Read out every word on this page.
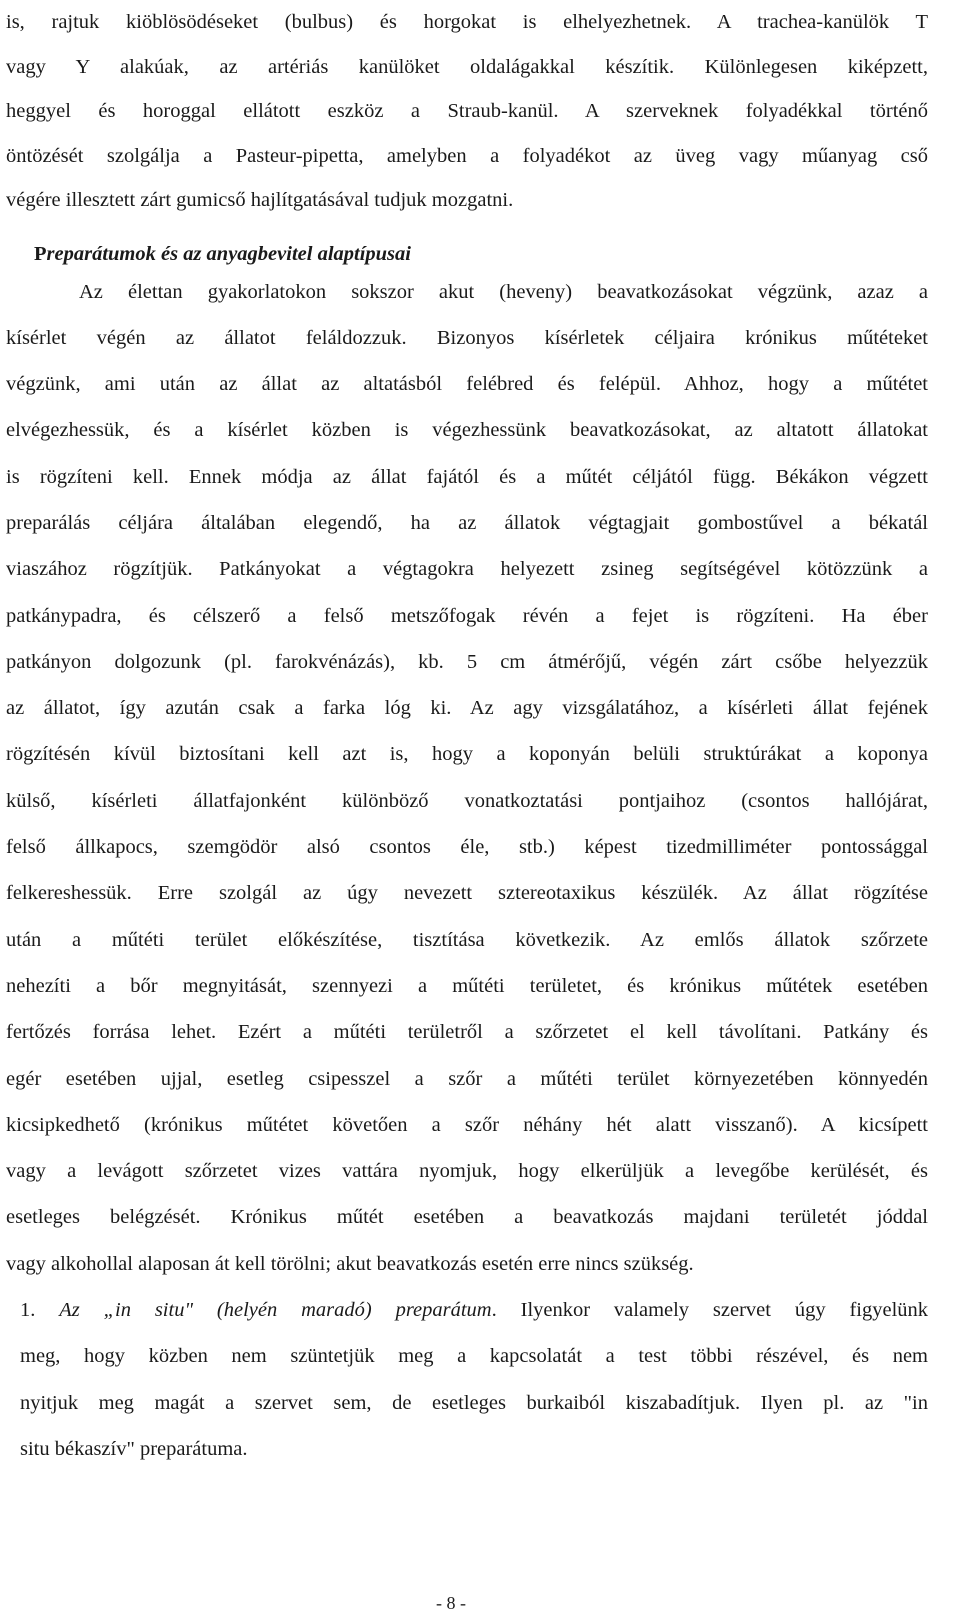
is, rajtuk kiöblösödéseket (bulbus) és horgokat is elhelyezhetnek. A trachea-kanülök T
vagy Y alakúak, az artériás kanülöket oldalágakkal készítik. Különlegesen kiképzett,
heggyel és horoggal ellátott eszköz a Straub-kanül. A szerveknek folyadékkal történő
öntözését szolgálja a Pasteur-pipetta, amelyben a folyadékot az üveg vagy műanyag cső
végére illesztett zárt gumicső hajlítgatásával tudjuk mozgatni.
Preparátumok és az anyagbevitel alaptípusai
Az élettan gyakorlatokon sokszor akut (heveny) beavatkozásokat végzünk, azaz a
kísérlet végén az állatot feláldozzuk. Bizonyos kísérletek céljaira krónikus műtéteket
végzünk, ami után az állat az altatásból felébred és felépül. Ahhoz, hogy a műtétet
elvégezhessük, és a kísérlet közben is végezhessünk beavatkozásokat, az altatott állatokat
is rögzíteni kell. Ennek módja az állat fajától és a műtét céljától függ. Békákon végzett
preparálás céljára általában elegendő, ha az állatok végtagjait gombostűvel a békatál
viaszához rögzítjük. Patkányokat a végtagokra helyezett zsineg segítségével kötözzünk a
patkánypadra, és célszerő a felső metszőfogak révén a fejet is rögzíteni. Ha éber
patkányon dolgozunk (pl. farokvénázás), kb. 5 cm átmérőjű, végén zárt csőbe helyezzük
az állatot, így azután csak a farka lóg ki. Az agy vizsgálatához, a kísérleti állat fejének
rögzítésén kívül biztosítani kell azt is, hogy a koponyán belüli struktúrákat a koponya
külső, kísérleti állatfajonként különböző vonatkoztatási pontjaihoz (csontos hallójárat,
felső állkapocs, szemgödör alsó csontos éle, stb.) képest tizedmilliméter pontossággal
felkereshessük. Erre szolgál az úgy nevezett sztereotaxikus készülék. Az állat rögzítése
után a műtéti terület előkészítése, tisztítása következik. Az emlős állatok szőrzete
nehezíti a bőr megnyitását, szennyezi a műtéti területet, és krónikus műtétek esetében
fertőzés forrása lehet. Ezért a műtéti területről a szőrzetet el kell távolítani. Patkány és
egér esetében ujjal, esetleg csipesszel a szőr a műtéti terület környezetében könnyedén
kicsipkedhető (krónikus műtétet követően a szőr néhány hét alatt visszanő). A kicsípett
vagy a levágott szőrzetet vizes vattára nyomjuk, hogy elkerüljük a levegőbe kerülését, és
esetleges belégzését. Krónikus műtét esetében a beavatkozás majdani területét jóddal
vagy alkohollal alaposan át kell törölni; akut beavatkozás esetén erre nincs szükség.
1. Az „in situ" (helyén maradó) preparátum. Ilyenkor valamely szervet úgy figyelünk
meg, hogy közben nem szüntetjük meg a kapcsolatát a test többi részével, és nem
nyitjuk meg magát a szervet sem, de esetleges burkaiból kiszabadítjuk. Ilyen pl. az "in
situ békaszív" preparátuma.
- 8 -
